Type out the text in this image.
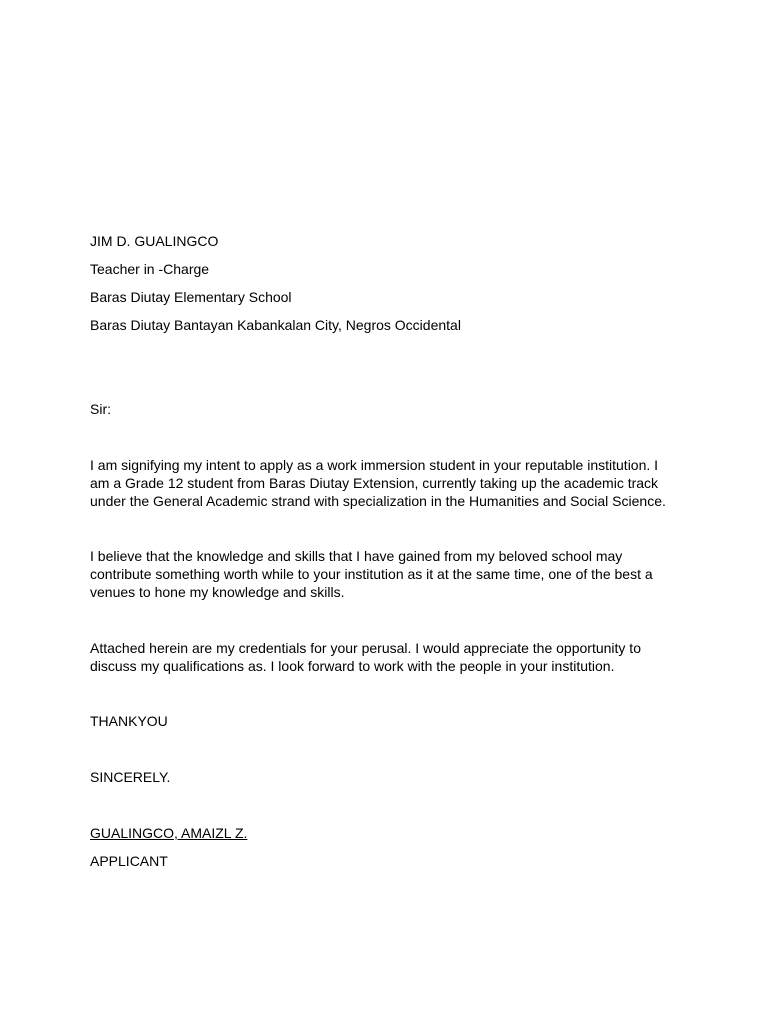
JIM D. GUALINGCO
Teacher in -Charge
Baras Diutay Elementary School
Baras Diutay Bantayan Kabankalan City, Negros Occidental

Sir:

I am signifying my intent to apply as a work immersion student in your reputable institution. I am a Grade 12 student from Baras Diutay Extension, currently taking up the academic track under the General Academic strand with specialization in the Humanities and Social Science.

I believe that the knowledge and skills that I have gained from my beloved school may contribute something worth while to your institution as it at the same time, one of the best a venues to hone my knowledge and skills.

Attached herein are my credentials for your perusal. I would appreciate the opportunity to discuss my qualifications as. I look forward to work with the people in your institution.

THANKYOU

SINCERELY.

GUALINGCO, AMAIZL Z.
APPLICANT
